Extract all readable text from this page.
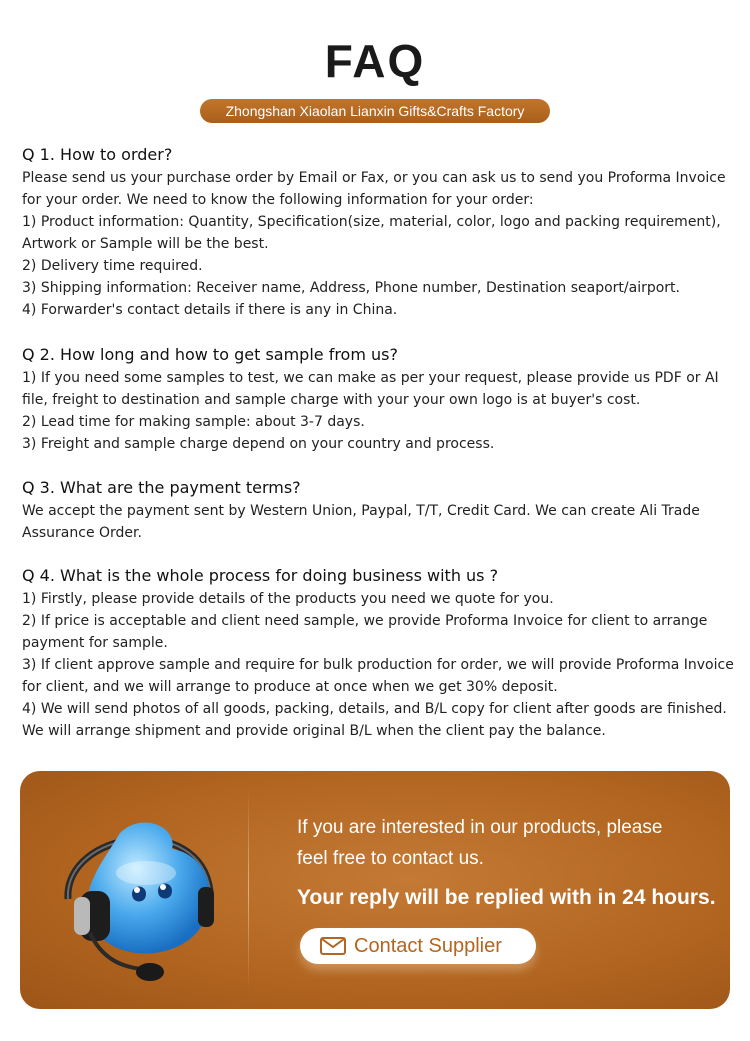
FAQ
Zhongshan Xiaolan Lianxin Gifts&Crafts Factory
Q 1. How to order?
Please send us your purchase order by Email or Fax, or you can ask us to send you Proforma Invoice
for your order. We need to know the following information for your order:
1) Product information: Quantity, Specification(size, material, color, logo and packing requirement),
Artwork or Sample will be the best.
2) Delivery time required.
3) Shipping information: Receiver name, Address, Phone number, Destination seaport/airport.
4) Forwarder's contact details if there is any in China.
Q 2. How long and how to get sample from us?
1) If you need some samples to test, we can make as per your request, please provide us PDF or AI
file, freight to destination and sample charge with your your own logo is at buyer's cost.
2) Lead time for making sample: about 3-7 days.
3) Freight and sample charge depend on your country and process.
Q 3. What are the payment terms?
We accept the payment sent by Western Union, Paypal, T/T, Credit Card. We can create Ali Trade
Assurance Order.
Q 4. What is the whole process for doing business with us ?
1) Firstly, please provide details of the products you need we quote for you.
2) If price is acceptable and client need sample, we provide Proforma Invoice for client to arrange
payment for sample.
3) If client approve sample and require for bulk production for order, we will provide Proforma Invoice
for client, and we will arrange to produce at once when we get 30% deposit.
4) We will send photos of all goods, packing, details, and B/L copy for client after goods are finished.
We will arrange shipment and provide original B/L when the client pay the balance.
If you are interested in our products, please
feel free to contact us.
Your reply will be replied with in 24 hours.
Contact Supplier
